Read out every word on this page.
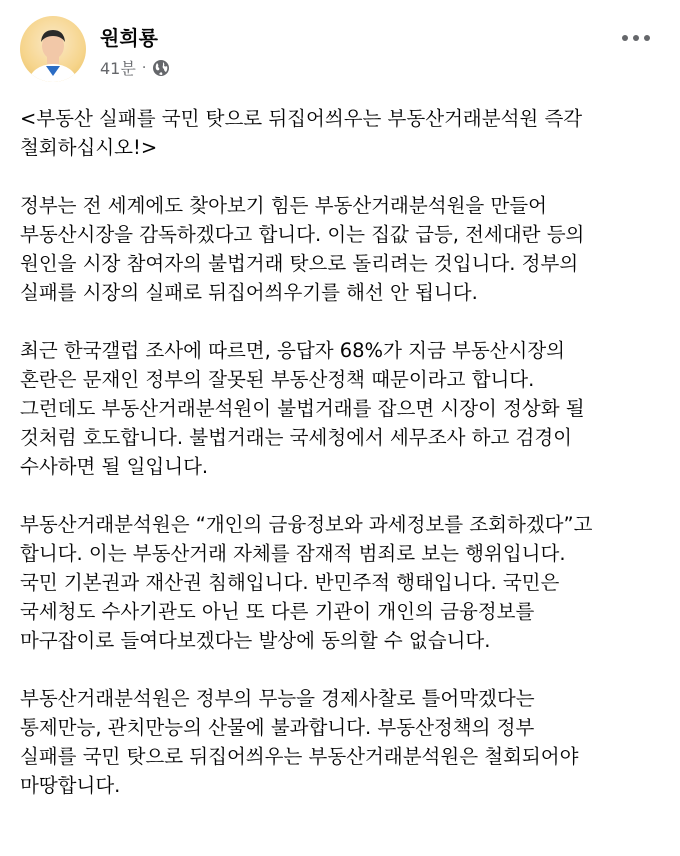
원희룡
41분 ·
<부동산 실패를 국민 탓으로 뒤집어씌우는 부동산거래분석원 즉각
철회하십시오!>
정부는 전 세계에도 찾아보기 힘든 부동산거래분석원을 만들어
부동산시장을 감독하겠다고 합니다. 이는 집값 급등, 전세대란 등의
원인을 시장 참여자의 불법거래 탓으로 돌리려는 것입니다. 정부의
실패를 시장의 실패로 뒤집어씌우기를 해선 안 됩니다.
최근 한국갤럽 조사에 따르면, 응답자 68%가 지금 부동산시장의
혼란은 문재인 정부의 잘못된 부동산정책 때문이라고 합니다.
그런데도 부동산거래분석원이 불법거래를 잡으면 시장이 정상화 될
것처럼 호도합니다. 불법거래는 국세청에서 세무조사 하고 검경이
수사하면 될 일입니다.
부동산거래분석원은 “개인의 금융정보와 과세정보를 조회하겠다”고
합니다. 이는 부동산거래 자체를 잠재적 범죄로 보는 행위입니다.
국민 기본권과 재산권 침해입니다. 반민주적 행태입니다. 국민은
국세청도 수사기관도 아닌 또 다른 기관이 개인의 금융정보를
마구잡이로 들여다보겠다는 발상에 동의할 수 없습니다.
부동산거래분석원은 정부의 무능을 경제사찰로 틀어막겠다는
통제만능, 관치만능의 산물에 불과합니다. 부동산정책의 정부
실패를 국민 탓으로 뒤집어씌우는 부동산거래분석원은 철회되어야
마땅합니다.
